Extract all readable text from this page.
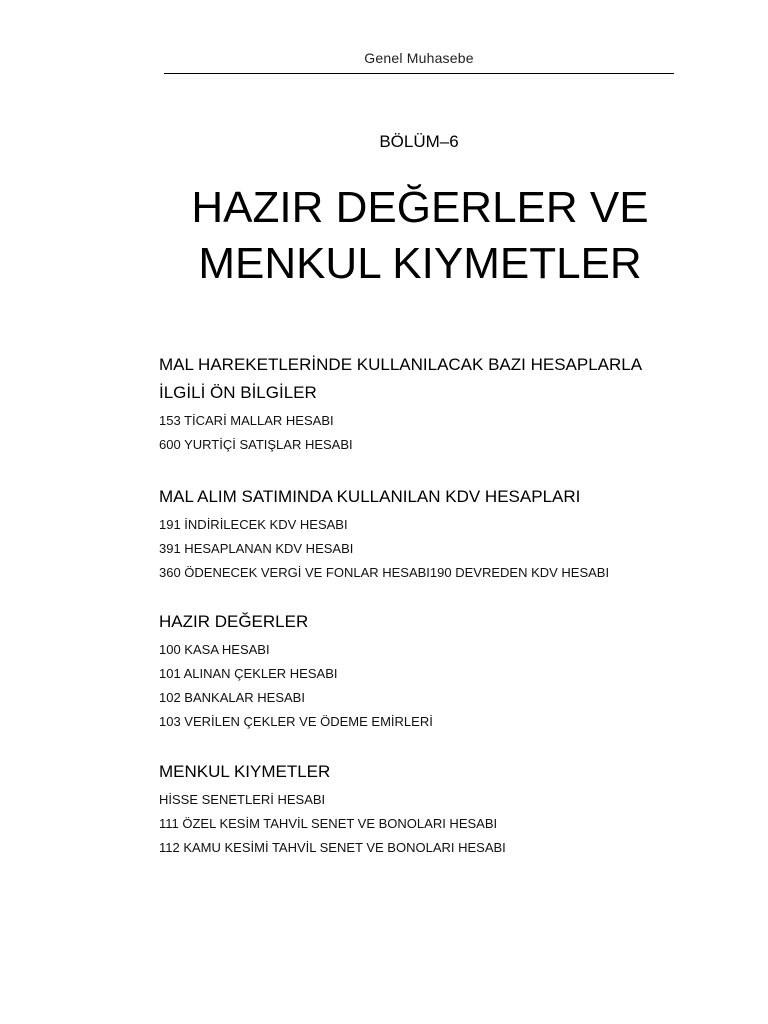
Genel Muhasebe
BÖLÜM–6
HAZIR DEĞERLER VE
MENKUL KIYMETLER
MAL HAREKETLERİNDE KULLANILACAK BAZI HESAPLARLA
İLGİLİ ÖN BİLGİLER
153 TİCARİ MALLAR HESABI
600 YURTİÇİ SATIŞLAR HESABI
MAL ALIM SATIMINDA KULLANILAN KDV HESAPLARI
191 İNDİRİLECEK KDV HESABI
391 HESAPLANAN KDV HESABI
360 ÖDENECEK VERGİ VE FONLAR HESABI190 DEVREDEN KDV HESABI
HAZIR DEĞERLER
100 KASA HESABI
101 ALINAN ÇEKLER HESABI
102 BANKALAR HESABI
103 VERİLEN ÇEKLER VE ÖDEME EMİRLERİ
MENKUL KIYMETLER
HİSSE SENETLERİ HESABI
111 ÖZEL KESİM TAHVİL SENET VE BONOLARI HESABI
112 KAMU KESİMİ TAHVİL SENET VE BONOLARI HESABI
